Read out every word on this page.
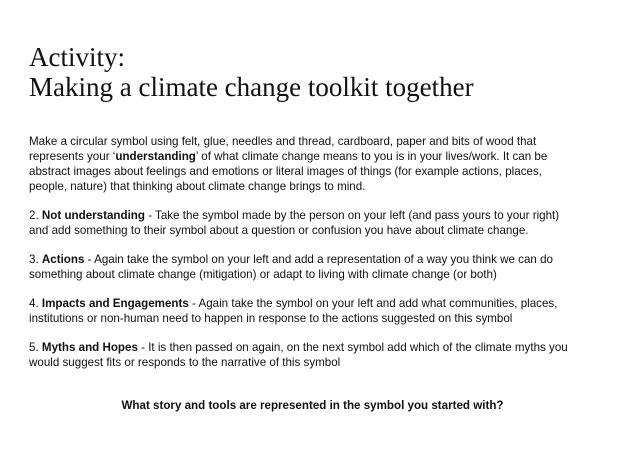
Activity:
Making a climate change toolkit together

Make a circular symbol using felt, glue, needles and thread, cardboard, paper and bits of wood that
represents your ‘understanding’ of what climate change means to you is in your lives/work. It can be
abstract images about feelings and emotions or literal images of things (for example actions, places,
people, nature) that thinking about climate change brings to mind.

2. Not understanding - Take the symbol made by the person on your left (and pass yours to your right)
and add something to their symbol about a question or confusion you have about climate change.

3. Actions - Again take the symbol on your left and add a representation of a way you think we can do
something about climate change (mitigation) or adapt to living with climate change (or both)

4. Impacts and Engagements - Again take the symbol on your left and add what communities, places,
institutions or non-human need to happen in response to the actions suggested on this symbol

5. Myths and Hopes - It is then passed on again, on the next symbol add which of the climate myths you
would suggest fits or responds to the narrative of this symbol

What story and tools are represented in the symbol you started with?
